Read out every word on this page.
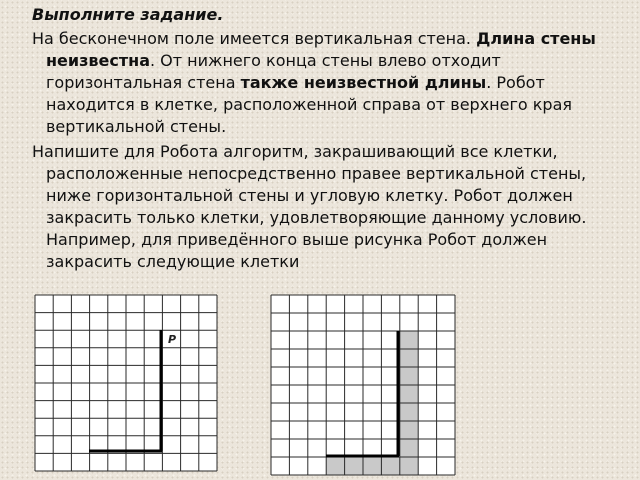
Выполните задание.

На бесконечном поле имеется вертикальная стена. Длина стены неизвестна. От нижнего конца стены влево отходит горизонтальная стена также неизвестной длины. Робот находится в клетке, расположенной справа от верхнего края вертикальной стены.

Напишите для Робота алгоритм, закрашивающий все клетки, расположенные непосредственно правее вертикальной стены, ниже горизонтальной стены и угловую клетку. Робот должен закрасить только клетки, удовлетворяющие данному условию. Например, для приведённого выше рисунка Робот должен закрасить следующие клетки

Р
